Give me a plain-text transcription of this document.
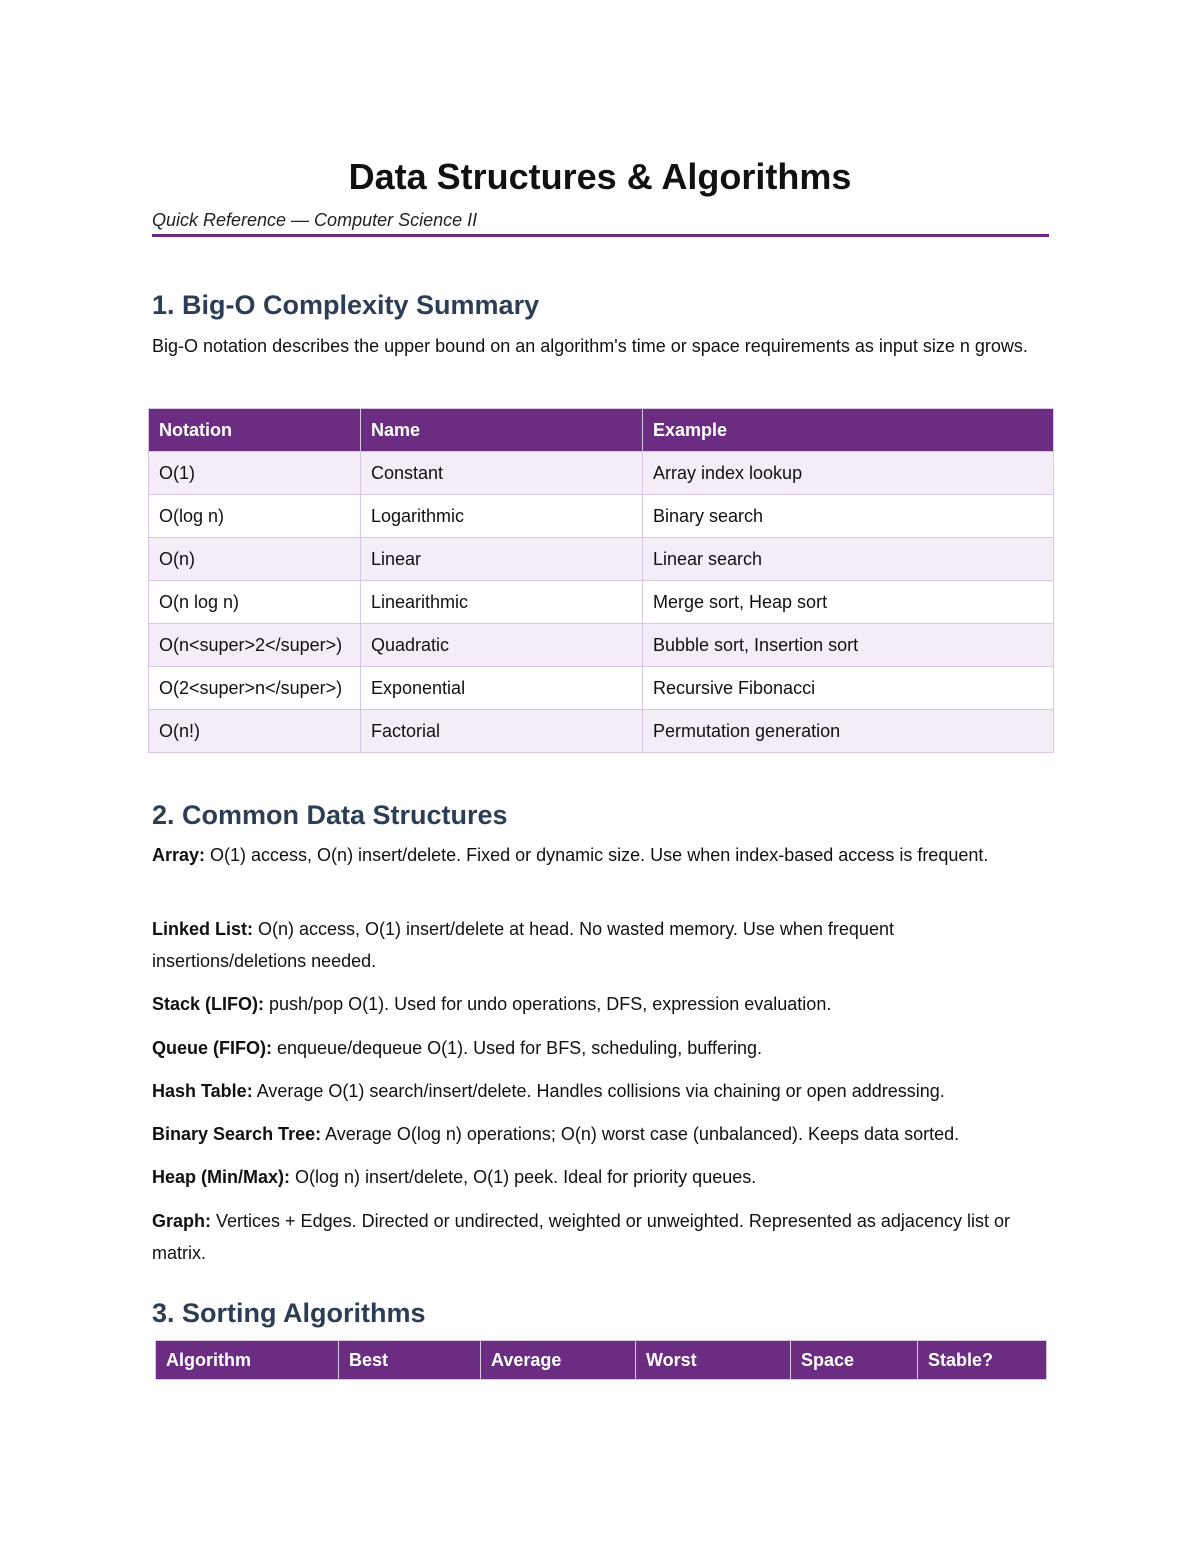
Data Structures & Algorithms
Quick Reference — Computer Science II
1. Big-O Complexity Summary

Big-O notation describes the upper bound on an algorithm's time or space requirements as input size n grows.

Notation	Name	Example
O(1)	Constant	Array index lookup
O(log n)	Logarithmic	Binary search
O(n)	Linear	Linear search
O(n log n)	Linearithmic	Merge sort, Heap sort
O(n<super>2</super>)	Quadratic	Bubble sort, Insertion sort
O(2<super>n</super>)	Exponential	Recursive Fibonacci
O(n!)	Factorial	Permutation generation
2. Common Data Structures

Array: O(1) access, O(n) insert/delete. Fixed or dynamic size. Use when index-based access is frequent.

Linked List: O(n) access, O(1) insert/delete at head. No wasted memory. Use when frequent insertions/deletions needed.

Stack (LIFO): push/pop O(1). Used for undo operations, DFS, expression evaluation.

Queue (FIFO): enqueue/dequeue O(1). Used for BFS, scheduling, buffering.

Hash Table: Average O(1) search/insert/delete. Handles collisions via chaining or open addressing.

Binary Search Tree: Average O(log n) operations; O(n) worst case (unbalanced). Keeps data sorted.

Heap (Min/Max): O(log n) insert/delete, O(1) peek. Ideal for priority queues.

Graph: Vertices + Edges. Directed or undirected, weighted or unweighted. Represented as adjacency list or matrix.

3. Sorting Algorithms
Algorithm	Best	Average	Worst	Space	Stable?
